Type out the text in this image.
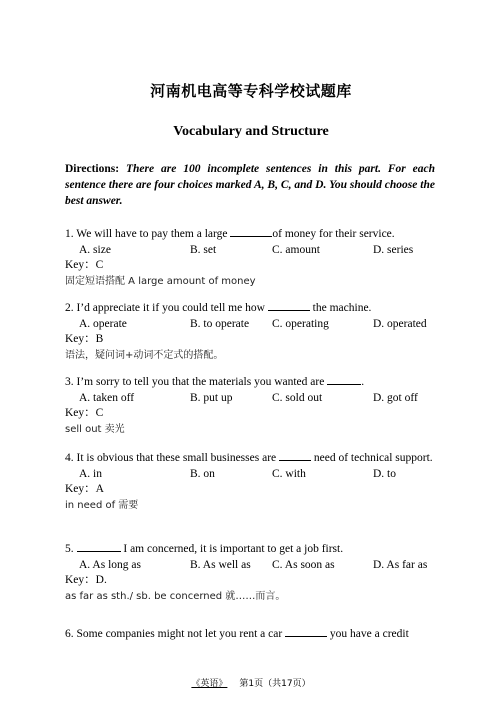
河南机电高等专科学校试题库
Vocabulary and Structure
Directions: There are 100 incomplete sentences in this part. For each sentence there are four choices marked A, B, C, and D. You should choose the best answer.
1. We will have to pay them a large	of money for their service.
A. size	B. set	C. amount	D. series
Key：C
固定短语搭配 A large amount of money
2. I’d appreciate it if you could tell me how	the machine.
A. operate	B. to operate C. operating	D. operated
Key：B
语法，疑问词+动词不定式的搭配。
3. I’m sorry to tell you that the materials you wanted are	.
A. taken off	B. put up	C. sold out	D. got off
Key：C
sell out 卖光
4. It is obvious that these small businesses are	need of technical support.
A. in	B. on	C. with	D. to
Key：A
in need of 需要
5.	I am concerned, it is important to get a job first.
A. As long as	B. As well as C. As soon as	D. As far as
Key：D.
as far as sth./ sb. be concerned 就……而言。
6. Some companies might not let you rent a car	you have a credit
《英语》 第1页（共17页）
